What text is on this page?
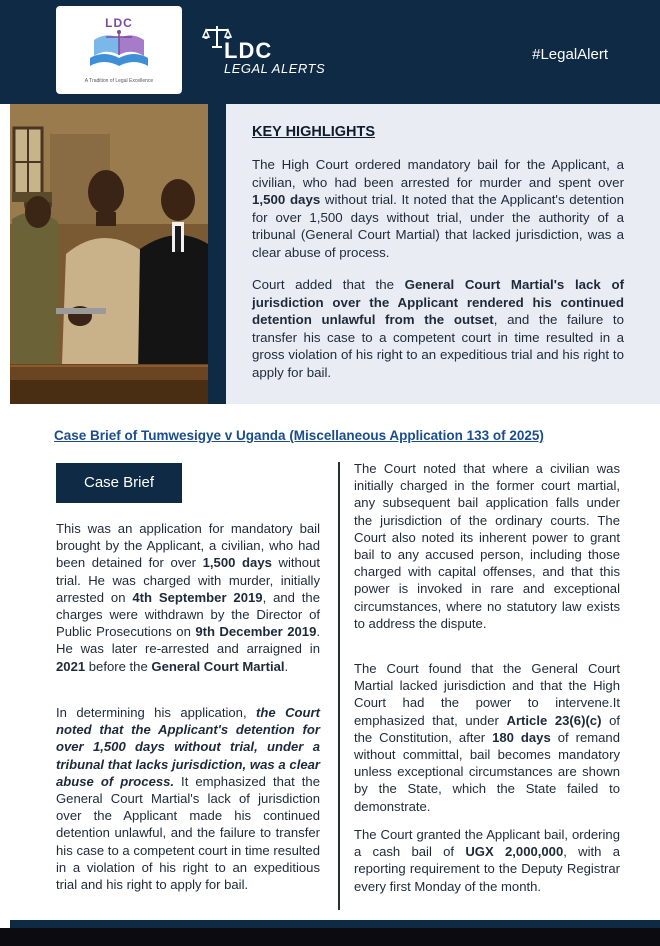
LDC
A Tradition of Legal Excellence
LDC
LEGAL ALERTS
#LegalAlert
KEY HIGHLIGHTS
The High Court ordered mandatory bail for the Applicant, a civilian, who had been arrested for murder and spent over 1,500 days without trial. It noted that the Applicant's detention for over 1,500 days without trial, under the authority of a tribunal (General Court Martial) that lacked jurisdiction, was a clear abuse of process.
Court added that the General Court Martial's lack of jurisdiction over the Applicant rendered his continued detention unlawful from the outset, and the failure to transfer his case to a competent court in time resulted in a gross violation of his right to an expeditious trial and his right to apply for bail.
Case Brief of Tumwesigye v Uganda (Miscellaneous Application 133 of 2025)
Case Brief
This was an application for mandatory bail brought by the Applicant, a civilian, who had been detained for over 1,500 days without trial. He was charged with murder, initially arrested on 4th September 2019, and the charges were withdrawn by the Director of Public Prosecutions on 9th December 2019. He was later re-arrested and arraigned in 2021 before the General Court Martial.
In determining his application, the Court noted that the Applicant's detention for over 1,500 days without trial, under a tribunal that lacks jurisdiction, was a clear abuse of process. It emphasized that the General Court Martial's lack of jurisdiction over the Applicant made his continued detention unlawful, and the failure to transfer his case to a competent court in time resulted in a violation of his right to an expeditious trial and his right to apply for bail.
The Court noted that where a civilian was initially charged in the former court martial, any subsequent bail application falls under the jurisdiction of the ordinary courts. The Court also noted its inherent power to grant bail to any accused person, including those charged with capital offenses, and that this power is invoked in rare and exceptional circumstances, where no statutory law exists to address the dispute.
The Court found that the General Court Martial lacked jurisdiction and that the High Court had the power to intervene.It emphasized that, under Article 23(6)(c) of the Constitution, after 180 days of remand without committal, bail becomes mandatory unless exceptional circumstances are shown by the State, which the State failed to demonstrate.
The Court granted the Applicant bail, ordering a cash bail of UGX 2,000,000, with a reporting requirement to the Deputy Registrar every first Monday of the month.
